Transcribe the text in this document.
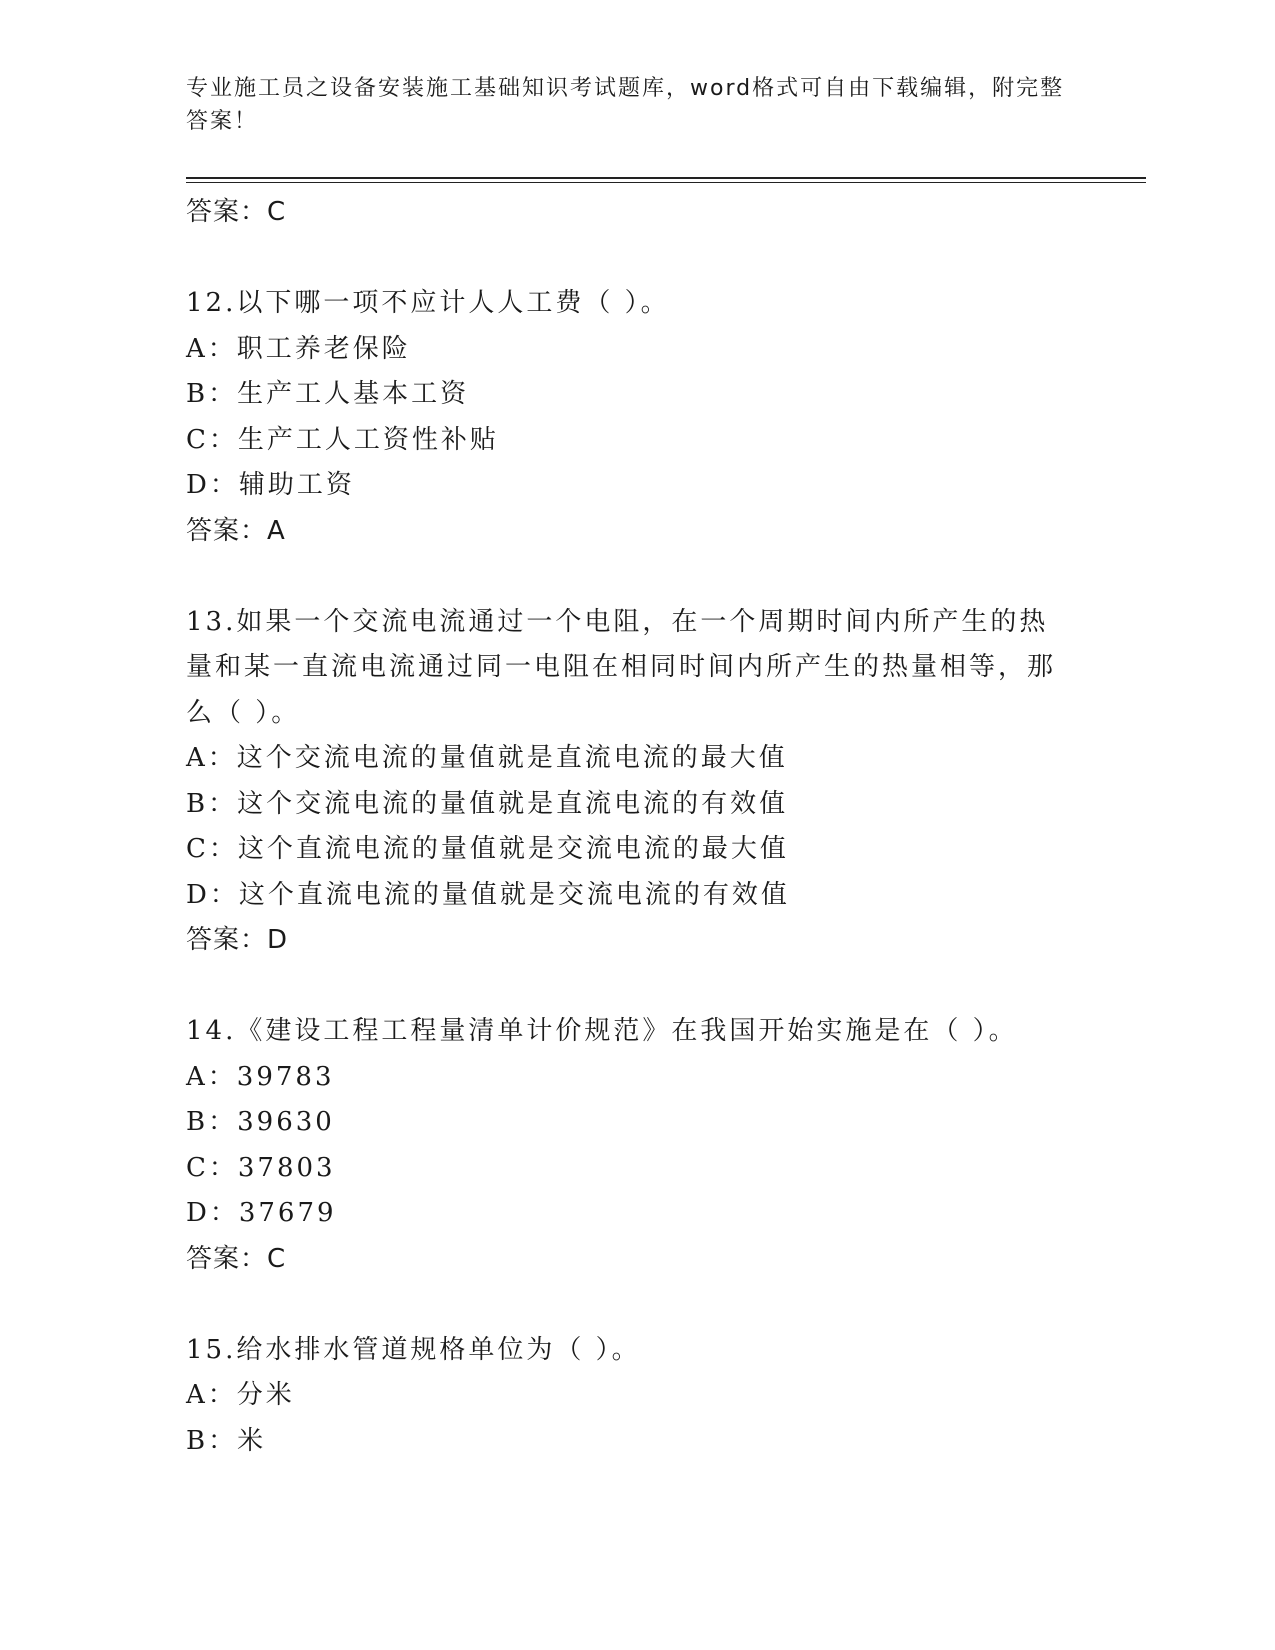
专业施工员之设备安装施工基础知识考试题库，word格式可自由下载编辑，附完整答案！
答案：C
12.以下哪一项不应计人人工费（ ）。
A：职工养老保险
B：生产工人基本工资
C：生产工人工资性补贴
D：辅助工资
答案：A
13.如果一个交流电流通过一个电阻，在一个周期时间内所产生的热量和某一直流电流通过同一电阻在相同时间内所产生的热量相等，那么（ ）。
A：这个交流电流的量值就是直流电流的最大值
B：这个交流电流的量值就是直流电流的有效值
C：这个直流电流的量值就是交流电流的最大值
D：这个直流电流的量值就是交流电流的有效值
答案：D
14.《建设工程工程量清单计价规范》在我国开始实施是在（ ）。
A：39783
B：39630
C：37803
D：37679
答案：C
15.给水排水管道规格单位为（ ）。
A：分米
B：米
